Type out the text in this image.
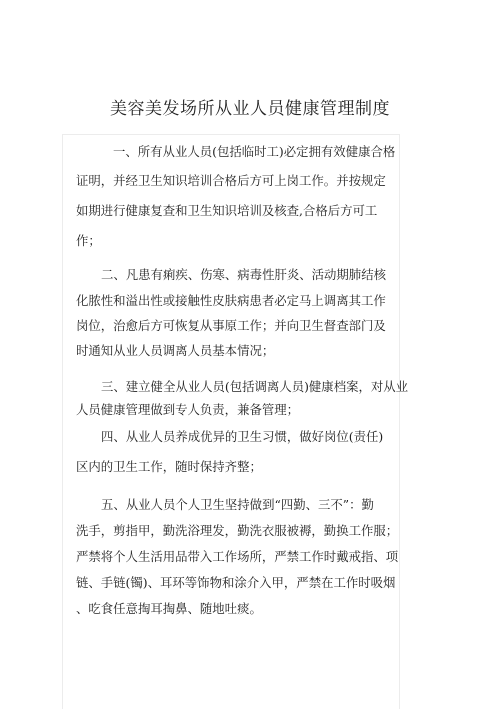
美容美发场所从业人员健康管理制度
一、所有从业人员(包括临时工)必定拥有效健康合格
证明，并经卫生知识培训合格后方可上岗工作。并按规定
如期进行健康复查和卫生知识培训及核查,合格后方可工
作；
二、凡患有痢疾、伤寒、病毒性肝炎、活动期肺结核
化脓性和溢出性或接触性皮肤病患者必定马上调离其工作
岗位，治愈后方可恢复从事原工作；并向卫生督查部门及
时通知从业人员调离人员基本情况；
三、建立健全从业人员(包括调离人员)健康档案，对从业
人员健康管理做到专人负责，兼备管理；
四、从业人员养成优异的卫生习惯，做好岗位(责任)
区内的卫生工作，随时保持齐整；
五、从业人员个人卫生坚持做到“四勤、三不”：勤
洗手，剪指甲，勤洗浴理发，勤洗衣服被褥，勤换工作服；
严禁将个人生活用品带入工作场所，严禁工作时戴戒指、项
链、手链(镯)、耳环等饰物和涂介入甲，严禁在工作时吸烟
、吃食任意掏耳掏鼻、随地吐痰。
